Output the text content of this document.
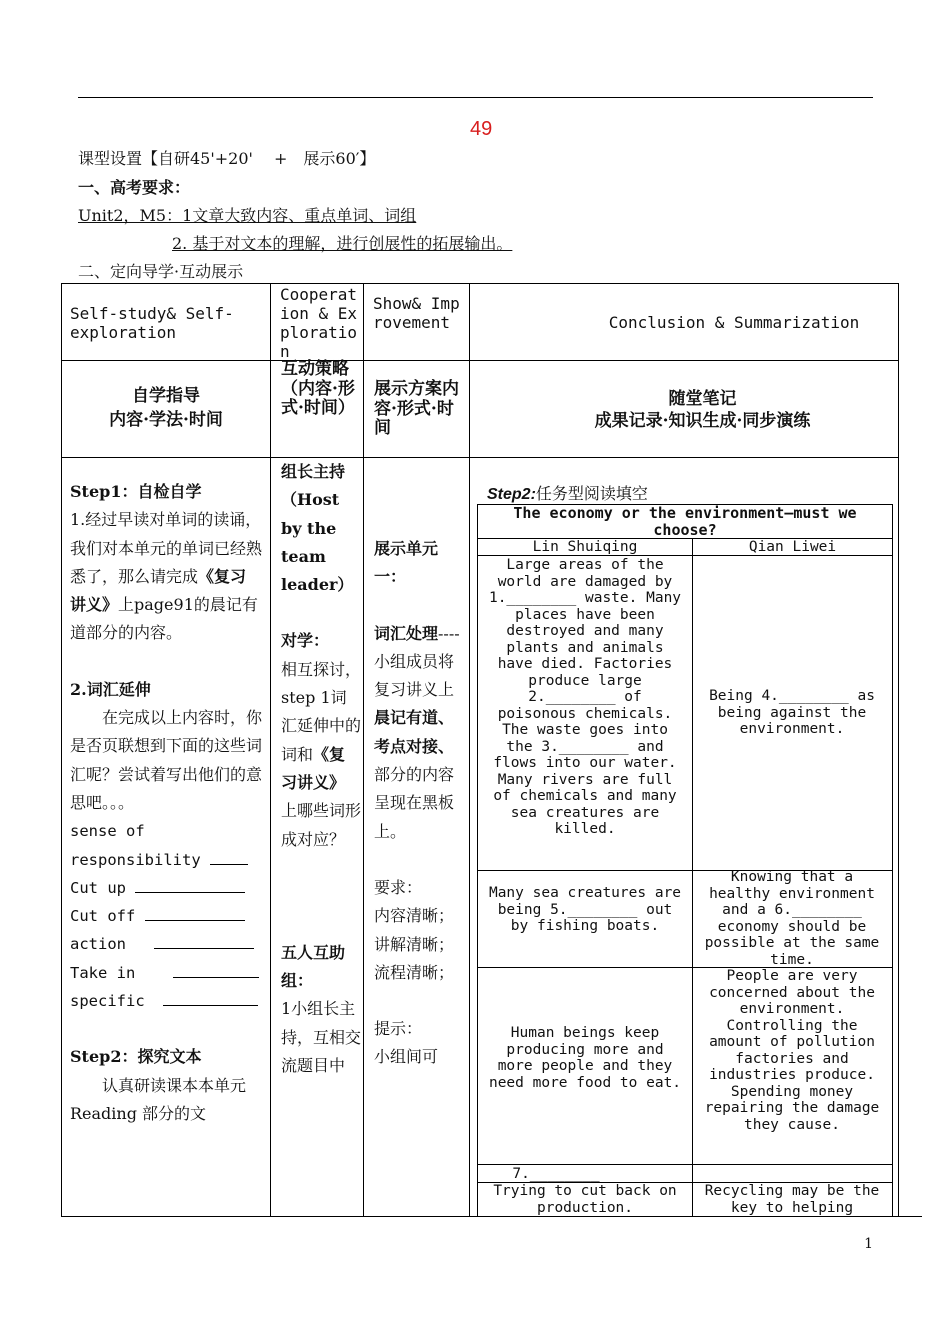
49
课型设置【自研45'+20'　 +　展示60′】
一、高考要求：
Unit2，M5：1文章大致内容、重点单词、词组
2. 基于对文本的理解，进行创展性的拓展输出。
二、定向导学·互动展示
Self-study& Self-exploration
Cooperation & Exploration
Show& Improvement	Conclusion & Summarization
自学指导
内容·学法·时间
互动策略（内容·形式·时间）
展示方案内容·形式·时间
随堂笔记
成果记录·知识生成·同步演练
Step1：自检自学
1.经过早读对单词的读诵，我们对本单元的单词已经熟悉了，那么请完成《复习讲义》上page91的晨记有道部分的内容。
2.词汇延伸
在完成以上内容时，你是否页联想到下面的这些词汇呢？尝试着写出他们的意思吧。。。
sense of responsibility
Cut up
Cut off
action
Take in
specific
Step2：探究文本
认真研读课本本单元Reading 部分的文
组长主持（Host by the team leader）
对学：
相互探讨，step 1词汇延伸中的词和《复习讲义》上哪些词形成对应？
五人互助组：
1小组长主持，互相交流题目中
展示单元一：
词汇处理----小组成员将复习讲义上晨记有道、考点对接、部分的内容呈现在黑板上。
要求：
内容清晰；
讲解清晰；
流程清晰；
提示：
小组间可
Step2:任务型阅读填空
The economy or the environment—must we choose?
Lin Shuiqing	Qian Liwei
Large areas of the world are damaged by 1.________ waste. Many places have been destroyed and many plants and animals have died. Factories produce large 2.________ of poisonous chemicals. The waste goes into the 3.________ and flows into our water. Many rivers are full of chemicals and many sea creatures are killed.
Being 4.________ as being against the environment.
Many sea creatures are being 5.________ out by fishing boats.
Knowing that a healthy environment and a 6.________ economy should be possible at the same time.
Human beings keep producing more and more people and they need more food to eat.
People are very concerned about the environment. Controlling the amount of pollution factories and industries produce. Spending money repairing the damage they cause.
7.________
Trying to cut back on production.
Recycling may be the key to helping
1
